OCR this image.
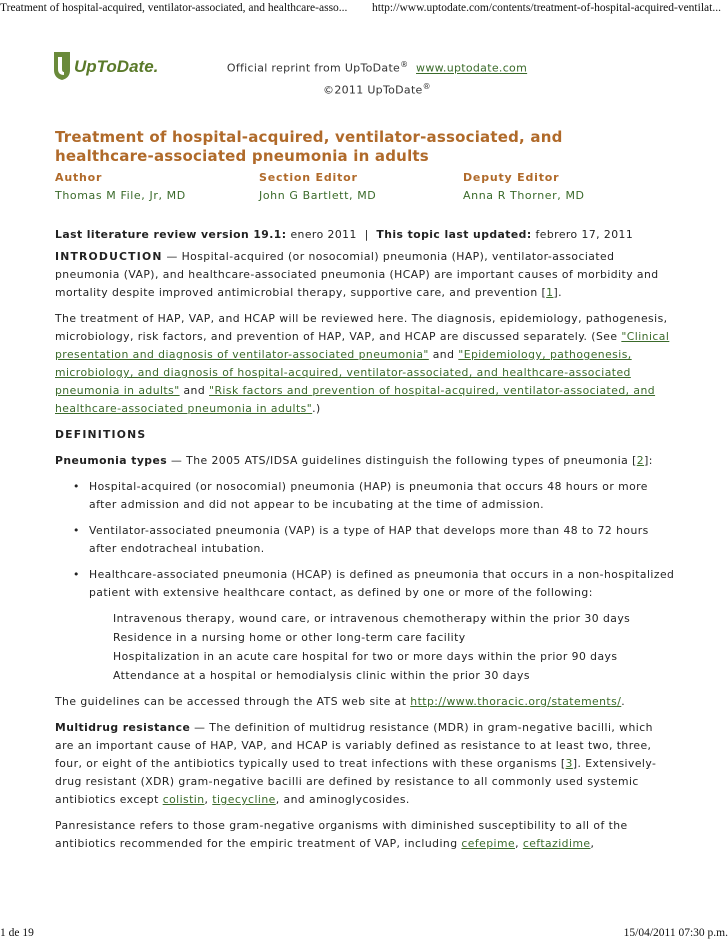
Treatment of hospital-acquired, ventilator-associated, and healthcare-asso... http://www.uptodate.com/contents/treatment-of-hospital-acquired-ventilat...
UpToDate.	Official reprint from UpToDate® www.uptodate.com
©2011 UpToDate®
Treatment of hospital-acquired, ventilator-associated, and healthcare-associated pneumonia in adults
Author
Thomas M File, Jr, MD
Section Editor
John G Bartlett, MD
Deputy Editor
Anna R Thorner, MD

Last literature review version 19.1: enero 2011 | This topic last updated: febrero 17, 2011

INTRODUCTION — Hospital-acquired (or nosocomial) pneumonia (HAP), ventilator-associated pneumonia (VAP), and healthcare-associated pneumonia (HCAP) are important causes of morbidity and mortality despite improved antimicrobial therapy, supportive care, and prevention [1].

The treatment of HAP, VAP, and HCAP will be reviewed here. The diagnosis, epidemiology, pathogenesis, microbiology, risk factors, and prevention of HAP, VAP, and HCAP are discussed separately. (See "Clinical presentation and diagnosis of ventilator-associated pneumonia" and "Epidemiology, pathogenesis, microbiology, and diagnosis of hospital-acquired, ventilator-associated, and healthcare-associated pneumonia in adults" and "Risk factors and prevention of hospital-acquired, ventilator-associated, and healthcare-associated pneumonia in adults".)

DEFINITIONS

Pneumonia types — The 2005 ATS/IDSA guidelines distinguish the following types of pneumonia [2]:

• Hospital-acquired (or nosocomial) pneumonia (HAP) is pneumonia that occurs 48 hours or more after admission and did not appear to be incubating at the time of admission.
• Ventilator-associated pneumonia (VAP) is a type of HAP that develops more than 48 to 72 hours after endotracheal intubation.
• Healthcare-associated pneumonia (HCAP) is defined as pneumonia that occurs in a non-hospitalized patient with extensive healthcare contact, as defined by one or more of the following:
Intravenous therapy, wound care, or intravenous chemotherapy within the prior 30 days
Residence in a nursing home or other long-term care facility
Hospitalization in an acute care hospital for two or more days within the prior 90 days
Attendance at a hospital or hemodialysis clinic within the prior 30 days

The guidelines can be accessed through the ATS web site at http://www.thoracic.org/statements/.

Multidrug resistance — The definition of multidrug resistance (MDR) in gram-negative bacilli, which are an important cause of HAP, VAP, and HCAP is variably defined as resistance to at least two, three, four, or eight of the antibiotics typically used to treat infections with these organisms [3]. Extensively-drug resistant (XDR) gram-negative bacilli are defined by resistance to all commonly used systemic antibiotics except colistin, tigecycline, and aminoglycosides.

Panresistance refers to those gram-negative organisms with diminished susceptibility to all of the antibiotics recommended for the empiric treatment of VAP, including cefepime, ceftazidime,

1 de 19	15/04/2011 07:30 p.m.
